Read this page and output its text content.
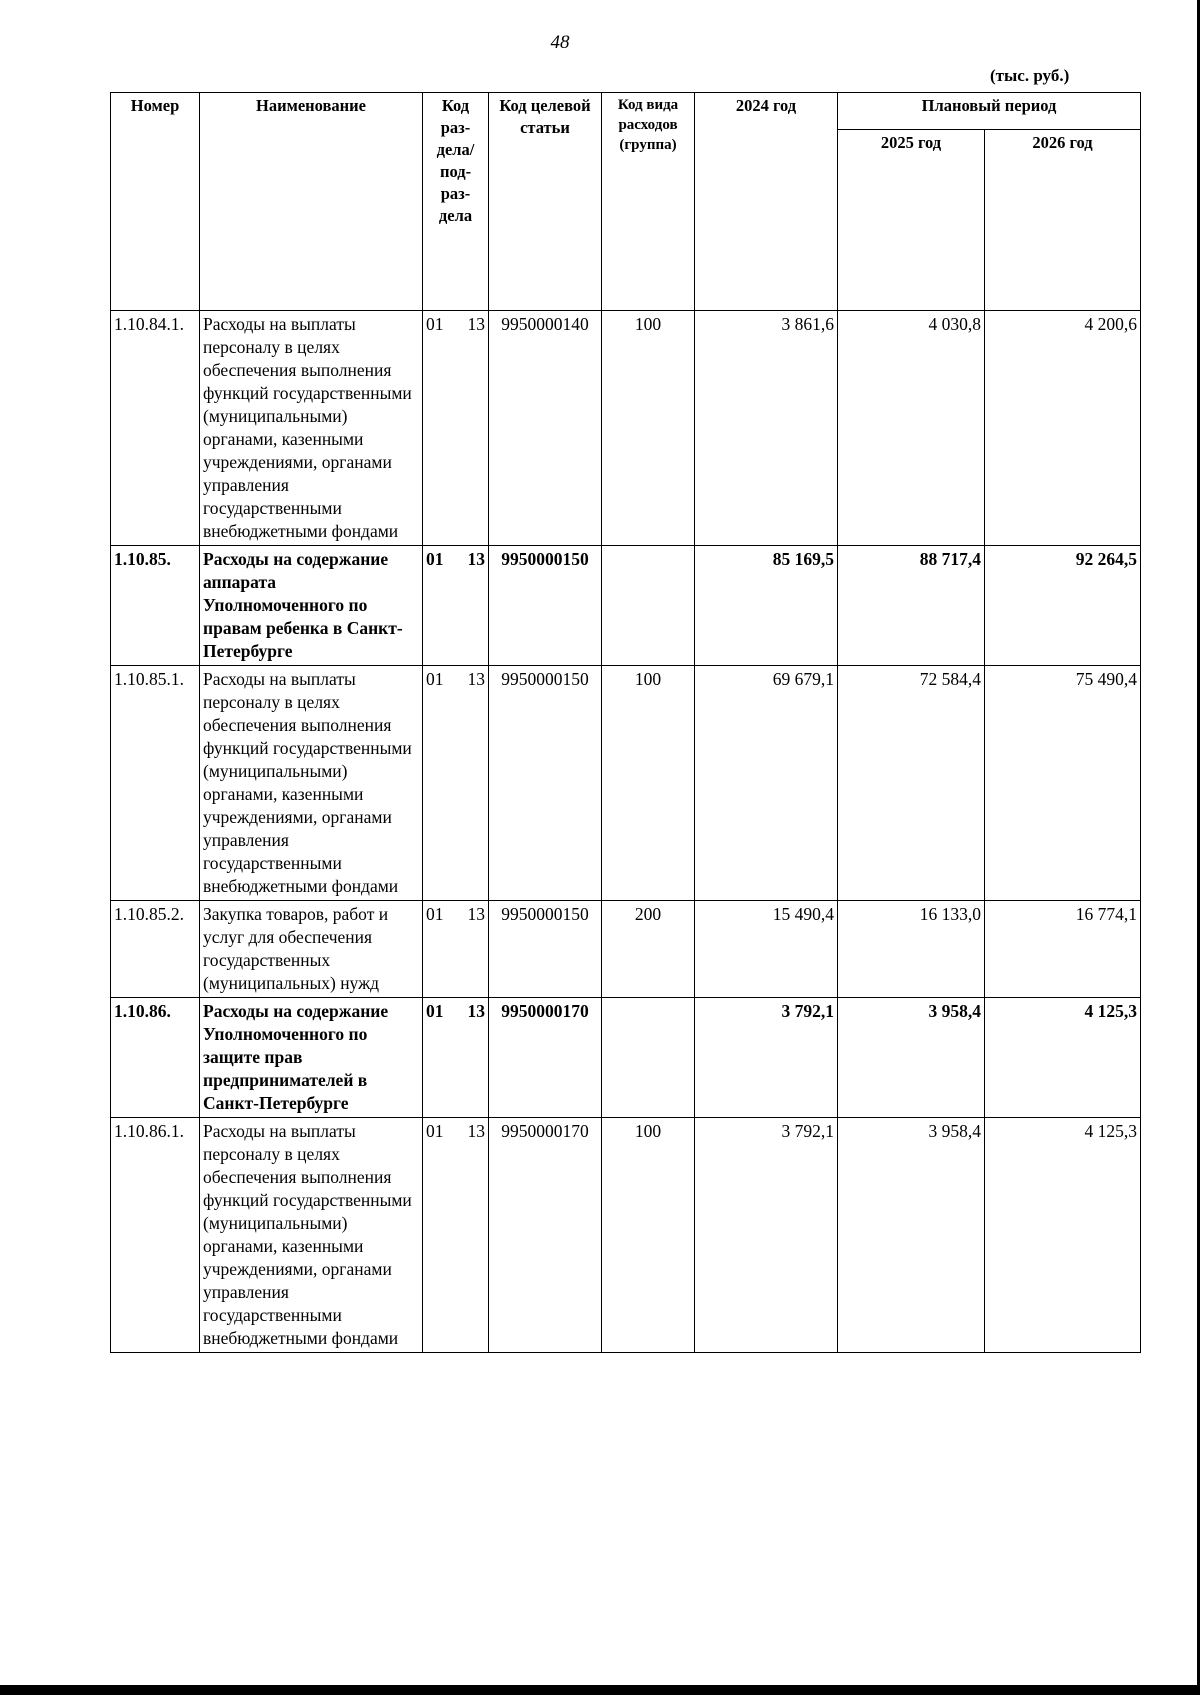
48
(тыс. руб.)
Номер	Наименование	Код раз-дела/ под-раз-дела	Код целевой статьи	Код вида расходов (группа)	2024 год	Плановый период	
						2025 год	2026 год
1.10.84.1.	Расходы на выплаты персоналу в целях обеспечения выполнения функций государственными (муниципальными) органами, казенными учреждениями, органами управления государственными внебюджетными фондами	01 13	9950000140	100	3 861,6	4 030,8	4 200,6
1.10.85.	Расходы на содержание аппарата Уполномоченного по правам ребенка в Санкт-Петербурге	01 13	9950000150		85 169,5	88 717,4	92 264,5
1.10.85.1.	Расходы на выплаты персоналу в целях обеспечения выполнения функций государственными (муниципальными) органами, казенными учреждениями, органами управления государственными внебюджетными фондами	01 13	9950000150	100	69 679,1	72 584,4	75 490,4
1.10.85.2.	Закупка товаров, работ и услуг для обеспечения государственных (муниципальных) нужд	01 13	9950000150	200	15 490,4	16 133,0	16 774,1
1.10.86.	Расходы на содержание Уполномоченного по защите прав предпринимателей в Санкт-Петербурге	01 13	9950000170		3 792,1	3 958,4	4 125,3
1.10.86.1.	Расходы на выплаты персоналу в целях обеспечения выполнения функций государственными (муниципальными) органами, казенными учреждениями, органами управления государственными внебюджетными фондами	01 13	9950000170	100	3 792,1	3 958,4	4 125,3
